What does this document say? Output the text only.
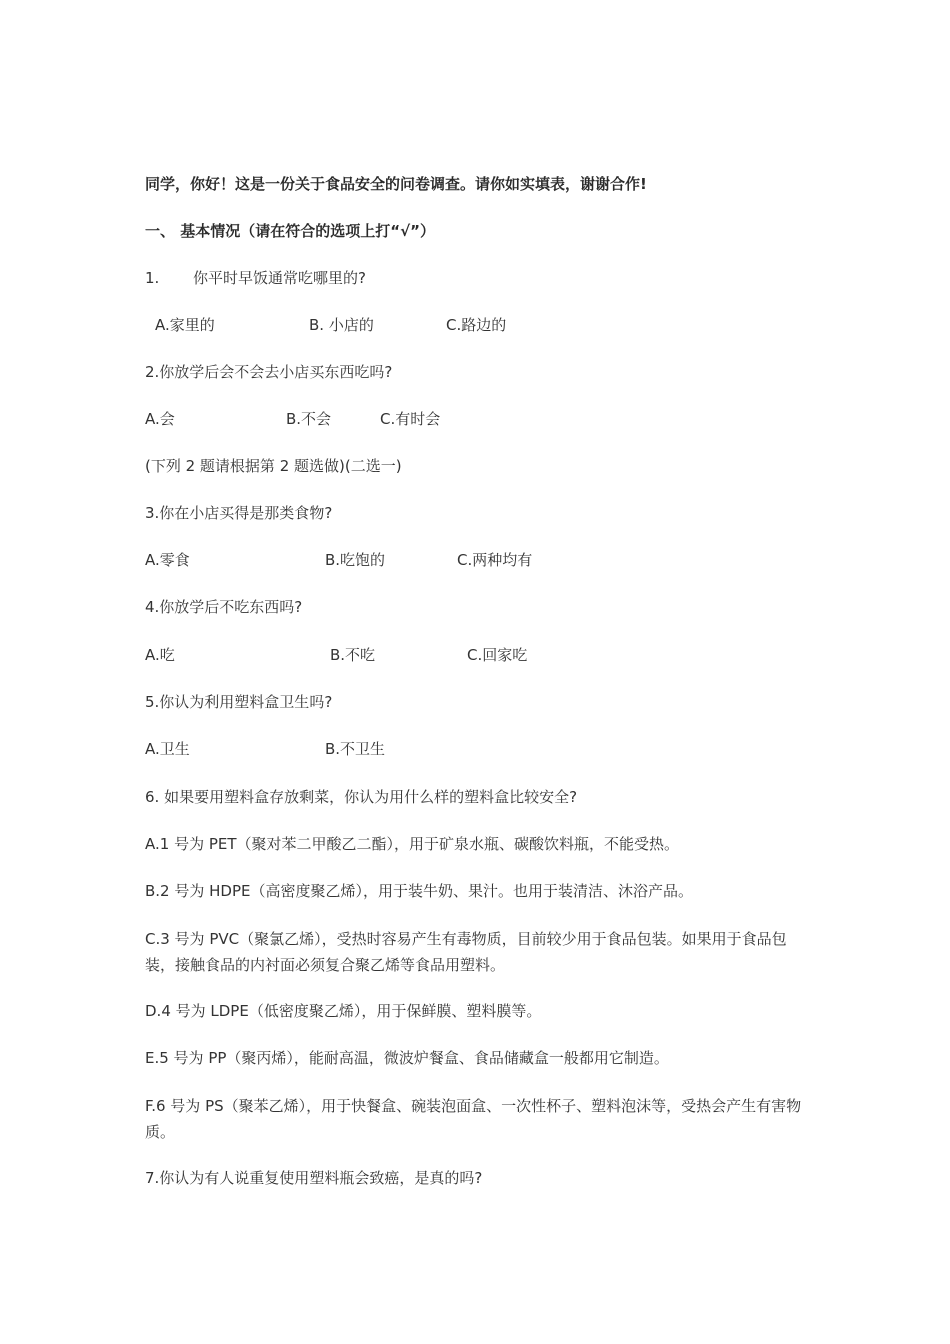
同学，你好！这是一份关于食品安全的问卷调查。请你如实填表，谢谢合作!
一、 基本情况（请在符合的选项上打“√”）
1. 你平时早饭通常吃哪里的?
A.家里的	B. 小店的	C.路边的
2.你放学后会不会去小店买东西吃吗?
A.会	B.不会	C.有时会
(下列 2 题请根据第 2 题选做)(二选一)
3.你在小店买得是那类食物?
A.零食	B.吃饱的	C.两种均有
4.你放学后不吃东西吗?
A.吃	B.不吃	C.回家吃
5.你认为利用塑料盒卫生吗?
A.卫生	B.不卫生
6. 如果要用塑料盒存放剩菜，你认为用什么样的塑料盒比较安全?
A.1 号为 PET（聚对苯二甲酸乙二酯），用于矿泉水瓶、碳酸饮料瓶，不能受热。
B.2 号为 HDPE（高密度聚乙烯），用于装牛奶、果汁。也用于装清洁、沐浴产品。
C.3 号为 PVC（聚氯乙烯），受热时容易产生有毒物质，目前较少用于食品包装。如果用于食品包装，接触食品的内衬面必须复合聚乙烯等食品用塑料。
D.4 号为 LDPE（低密度聚乙烯），用于保鲜膜、塑料膜等。
E.5 号为 PP（聚丙烯），能耐高温，微波炉餐盒、食品储藏盒一般都用它制造。
F.6 号为 PS（聚苯乙烯），用于快餐盒、碗装泡面盒、一次性杯子、塑料泡沫等，受热会产生有害物质。
7.你认为有人说重复使用塑料瓶会致癌，是真的吗?
